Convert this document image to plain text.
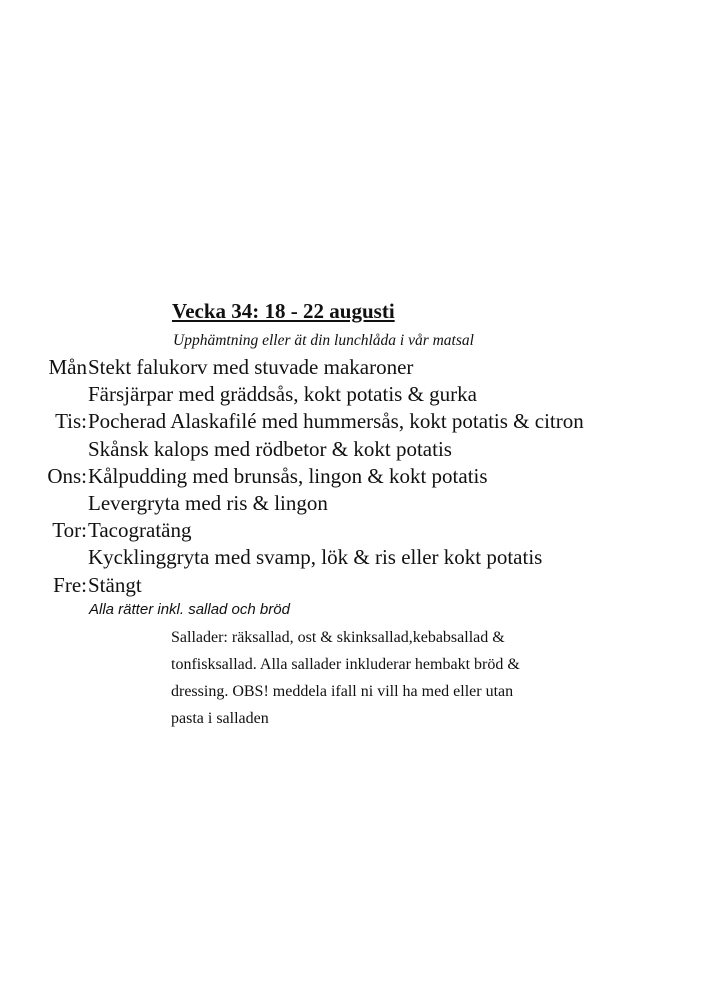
Vecka 34: 18 - 22 augusti
Upphämtning eller ät din lunchlåda i vår matsal
Mån Stekt falukorv med stuvade makaroner
Färsjärpar med gräddsås, kokt potatis & gurka
Tis: Pocherad Alaskafilé med hummersås, kokt potatis & citron
Skånsk kalops med rödbetor & kokt potatis
Ons: Kålpudding med brunsås, lingon & kokt potatis
Levergryta med ris & lingon
Tor: Tacogratäng
Kycklinggryta med svamp, lök & ris eller kokt potatis
Fre: Stängt
Alla rätter inkl. sallad och bröd
Sallader: räksallad, ost & skinksallad,kebabsallad &
tonfisksallad. Alla sallader inkluderar hembakt bröd &
dressing. OBS! meddela ifall ni vill ha med eller utan
pasta i salladen
